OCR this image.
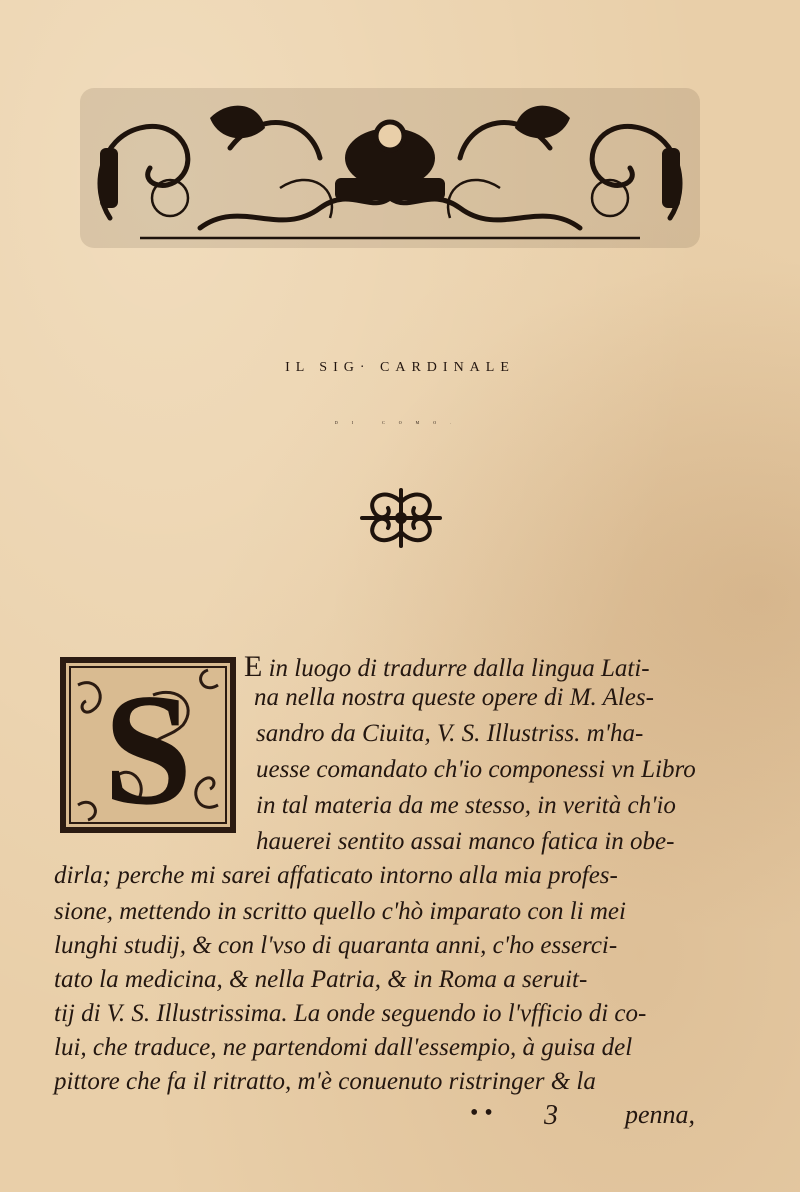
IL SIG· CARDINALE
DI COMO.
S E in luogo di tradurre dalla lingua Lati-
na nella nostra queste opere di M. Ales-
sandro da Ciuita, V. S. Illustriss. m'ha-
uesse comandato ch'io componessi vn Libro
in tal materia da me stesso, in verità ch'io
hauerei sentito assai manco fatica in obe-
dirla; perche mi sarei affaticato intorno alla mia profes-
sione, mettendo in scritto quello c'hò imparato con li mei
lunghi studij, & con l'vso di quaranta anni, c'ho esserci-
tato la medicina, & nella Patria, & in Roma a seruit-
tij di V. S. Illustrissima. La onde seguendo io l'vfficio di co-
lui, che traduce, ne partendomi dall'essempio, à guisa del
pittore che fa il ritratto, m'è conuenuto ristringer & la
• • 3	penna,
